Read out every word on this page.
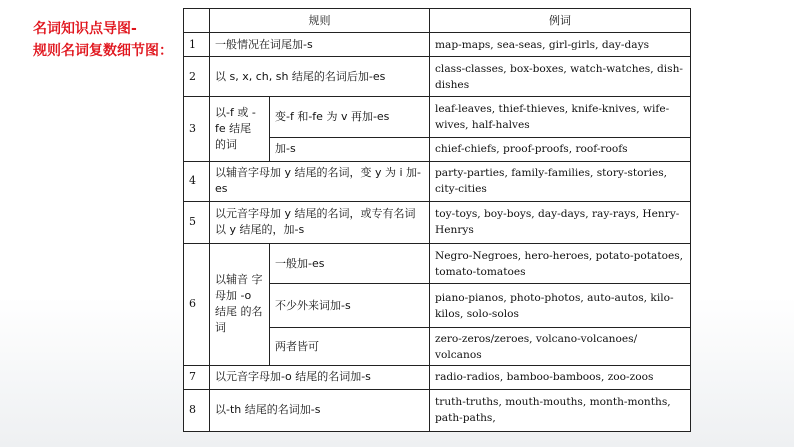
名词知识点导图-
规则名词复数细节图：
	规则		例词
1	一般情况在词尾加-s		map-maps, sea-seas, girl-girls, day-days
2	以 s, x, ch, sh 结尾的名词后加-es		class-classes, box-boxes, watch-watches, dish-dishes
3	以-f 或 -fe 结尾 的词	变-f 和-fe 为 v 再加-es	leaf-leaves, thief-thieves, knife-knives, wife-wives, half-halves
		加-s	chief-chiefs, proof-proofs, roof-roofs
4	以辅音字母加 y 结尾的名词，变 y 为 i 加-es		party-parties, family-families, story-stories, city-cities
5	以元音字母加 y 结尾的名词，或专有名词以 y 结尾的，加-s		toy-toys, boy-boys, day-days, ray-rays, Henry-Henrys
6	以辅音 字母加 -o 结尾 的名词	一般加-es	Negro-Negroes, hero-heroes, potato-potatoes, tomato-tomatoes
		不少外来词加-s	piano-pianos, photo-photos, auto-autos, kilo-kilos, solo-solos
		两者皆可	zero-zeros/zeroes, volcano-volcanoes/ volcanos
7	以元音字母加-o 结尾的名词加-s		radio-radios, bamboo-bamboos, zoo-zoos
8	以-th 结尾的名词加-s		truth-truths, mouth-mouths, month-months, path-paths,
